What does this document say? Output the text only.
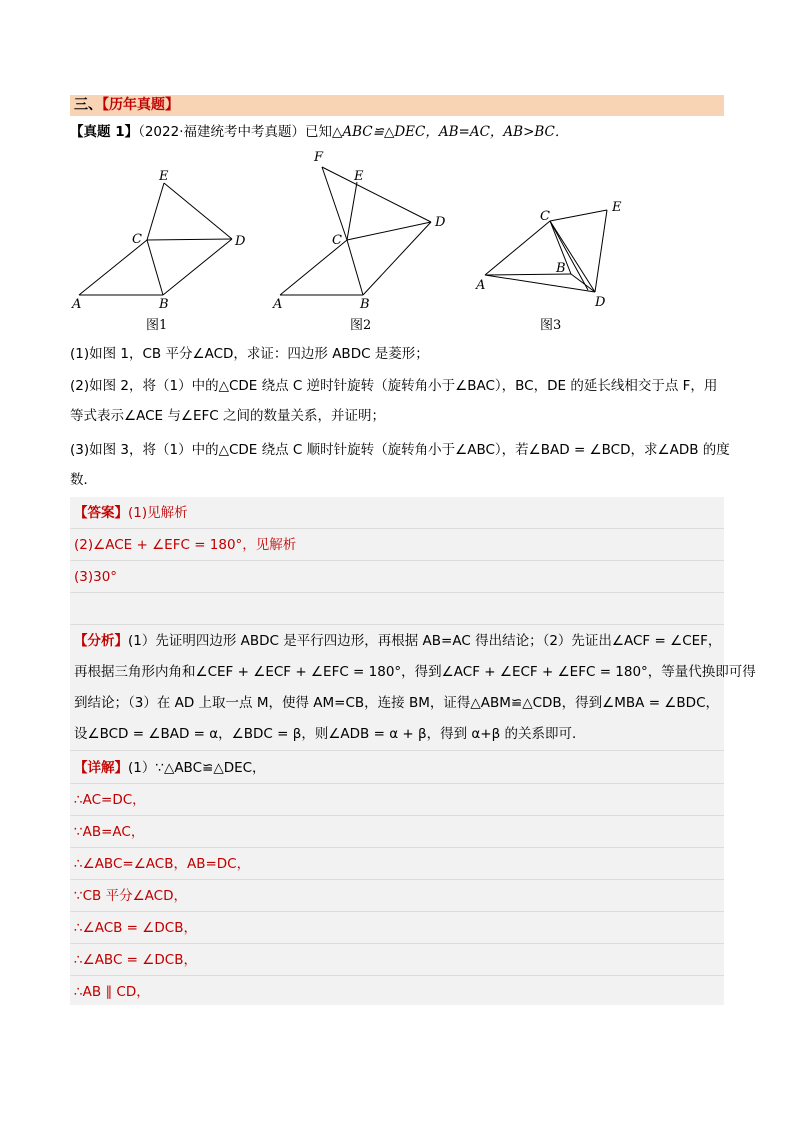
三、【历年真题】
【真题 1】（2022·福建统考中考真题）已知△ABC≌△DEC，AB=AC，AB>BC．
A	B
C	D
E
图1
A	B
C
D
E
F
图2
A
B
C
D
E
图3
(1)如图 1，CB 平分∠ACD，求证：四边形 ABDC 是菱形；
(2)如图 2，将（1）中的△CDE 绕点 C 逆时针旋转（旋转角小于∠BAC），BC，DE 的延长线相交于点 F，用
等式表示∠ACE 与∠EFC 之间的数量关系，并证明；
(3)如图 3，将（1）中的△CDE 绕点 C 顺时针旋转（旋转角小于∠ABC），若∠BAD = ∠BCD，求∠ADB 的度
数．
【答案】(1)见解析
(2)∠ACE + ∠EFC = 180°，见解析
(3)30°
【分析】(1）先证明四边形 ABDC 是平行四边形，再根据 AB=AC 得出结论；（2）先证出∠ACF = ∠CEF，
再根据三角形内角和∠CEF + ∠ECF + ∠EFC = 180°，得到∠ACF + ∠ECF + ∠EFC = 180°，等量代换即可得
到结论；（3）在 AD 上取一点 M，使得 AM=CB，连接 BM，证得△ABM≌△CDB，得到∠MBA = ∠BDC，
设∠BCD = ∠BAD = α，∠BDC = β，则∠ADB = α + β，得到 α+β 的关系即可．
【详解】(1）∵△ABC≌△DEC，
∴AC=DC，
∵AB=AC，
∴∠ABC=∠ACB，AB=DC，
∵CB 平分∠ACD，
∴∠ACB = ∠DCB，
∴∠ABC = ∠DCB，
∴AB ∥ CD，
